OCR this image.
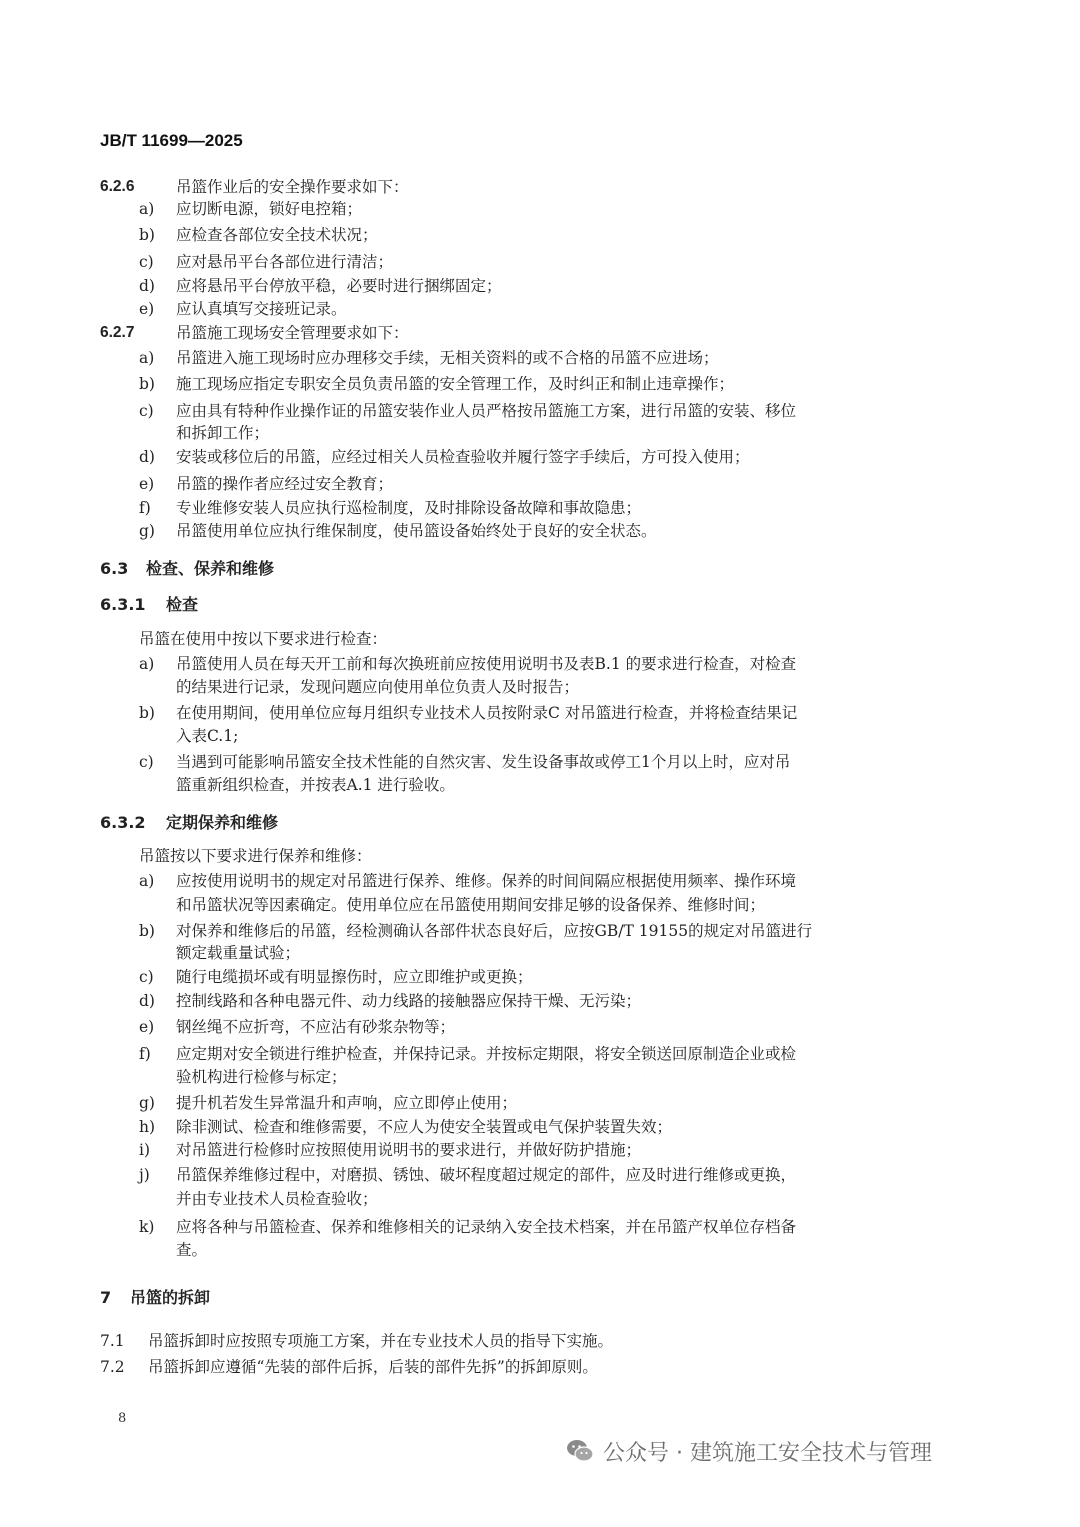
JB/T 11699—2025
6.2.6	吊篮作业后的安全操作要求如下：
a) 应切断电源，锁好电控箱；
b) 应检查各部位安全技术状况；
c) 应对悬吊平台各部位进行清洁；
d) 应将悬吊平台停放平稳，必要时进行捆绑固定；
e) 应认真填写交接班记录。
6.2.7	吊篮施工现场安全管理要求如下：
a) 吊篮进入施工现场时应办理移交手续，无相关资料的或不合格的吊篮不应进场；
b) 施工现场应指定专职安全员负责吊篮的安全管理工作，及时纠正和制止违章操作；
c) 应由具有特种作业操作证的吊篮安装作业人员严格按吊篮施工方案，进行吊篮的安装、移位
和拆卸工作；
d) 安装或移位后的吊篮，应经过相关人员检查验收并履行签字手续后，方可投入使用；
e) 吊篮的操作者应经过安全教育；
f) 专业维修安装人员应执行巡检制度，及时排除设备故障和事故隐患；
g) 吊篮使用单位应执行维保制度，使吊篮设备始终处于良好的安全状态。
6.3 检查、保养和维修
6.3.1 检查
吊篮在使用中按以下要求进行检查：
a) 吊篮使用人员在每天开工前和每次换班前应按使用说明书及表B.1 的要求进行检查，对检查
的结果进行记录，发现问题应向使用单位负责人及时报告；
b) 在使用期间，使用单位应每月组织专业技术人员按附录C 对吊篮进行检查，并将检查结果记
入表C.1;
c) 当遇到可能影响吊篮安全技术性能的自然灾害、发生设备事故或停工1个月以上时，应对吊
篮重新组织检查，并按表A.1 进行验收。
6.3.2 定期保养和维修
吊篮按以下要求进行保养和维修：
a) 应按使用说明书的规定对吊篮进行保养、维修。保养的时间间隔应根据使用频率、操作环境
和吊篮状况等因素确定。使用单位应在吊篮使用期间安排足够的设备保养、维修时间；
b) 对保养和维修后的吊篮，经检测确认各部件状态良好后，应按GB/T 19155的规定对吊篮进行
额定载重量试验；
c) 随行电缆损坏或有明显擦伤时，应立即维护或更换；
d) 控制线路和各种电器元件、动力线路的接触器应保持干燥、无污染；
e) 钢丝绳不应折弯，不应沾有砂浆杂物等；
f) 应定期对安全锁进行维护检查，并保持记录。并按标定期限，将安全锁送回原制造企业或检
验机构进行检修与标定；
g) 提升机若发生异常温升和声响，应立即停止使用；
h) 除非测试、检查和维修需要，不应人为使安全装置或电气保护装置失效；
i) 对吊篮进行检修时应按照使用说明书的要求进行，并做好防护措施；
j) 吊篮保养维修过程中，对磨损、锈蚀、破坏程度超过规定的部件，应及时进行维修或更换，
并由专业技术人员检查验收；
k) 应将各种与吊篮检查、保养和维修相关的记录纳入安全技术档案，并在吊篮产权单位存档备
查。
7 吊篮的拆卸
7.1 吊篮拆卸时应按照专项施工方案，并在专业技术人员的指导下实施。
7.2 吊篮拆卸应遵循“先装的部件后拆，后装的部件先拆”的拆卸原则。
8
公众号 · 建筑施工安全技术与管理
